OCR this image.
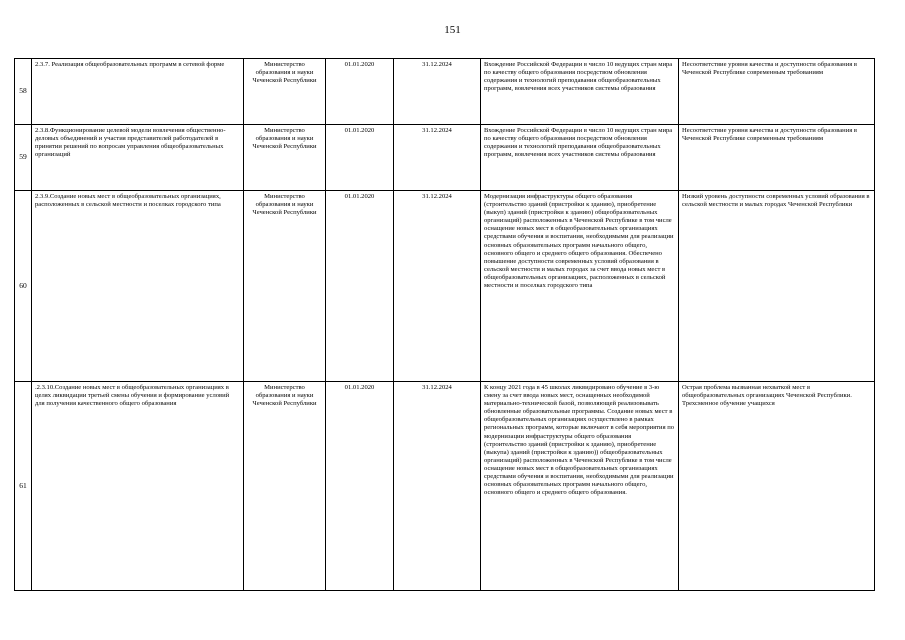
151
58	2.3.7. Реализация общеобразовательных программ в сетевой форме	Министерство образования и науки Чеченской Республики	01.01.2020	31.12.2024	Вхождение Российской Федерации в число 10 ведущих стран мира по качеству общего образования посредством обновления содержания и технологий преподавания общеобразовательных программ, вовлечения всех участников системы образования	Несоответствие уровня качества и доступности образования в Чеченской Республике современным требованиям
59	2.3.8.Функционирование целевой модели вовлечения общественно-деловых объединений и участия представителей работодателей в принятии решений по вопросам управления общеобразовательных организаций	Министерство образования и науки Чеченской Республики	01.01.2020	31.12.2024	Вхождение Российской Федерации в число 10 ведущих стран мира по качеству общего образования посредством обновления содержания и технологий преподавания общеобразовательных программ, вовлечения всех участников системы образования	Несоответствие уровня качества и доступности образования в Чеченской Республике современным требованиям
60	2.3.9.Создание новых мест в общеобразовательных организациях, расположенных в сельской местности и поселках городского типа	Министерство образования и науки Чеченской Республики	01.01.2020	31.12.2024	Модернизация инфраструктуры общего образования (строительство зданий (пристройки к зданию), приобретение (выкуп) зданий (пристройки к зданию) общеобразовательных организаций) расположенных в Чеченской Республике в том числе оснащение новых мест в общеобразовательных организациях средствами обучения и воспитания, необходимыми для реализации основных образовательных программ начального общего, основного общего и среднего общего образования. Обеспечено повышение доступности современных условий образования в сельской местности и малых городах за счет ввода новых мест в общеобразовательных организациях, расположенных в сельской местности и поселках городского типа	Низкий уровень доступности современных условий образования в сельской местности и малых городах Чеченской Республики
61	.2.3.10.Создание новых мест в общеобразовательных организациях в целях ликвидации третьей смены обучения и формирование условий для получения качественного общего образования	Министерство образования и науки Чеченской Республики	01.01.2020	31.12.2024	К концу 2021 года в 45 школах ликвидировано обучение в 3-ю смену за счет ввода новых мест, оснащенных необходимой материально-технической базой, позволяющей реализовывать обновленные образовательные программы. Создание новых мест в общеобразовательных организациях осуществлено в рамках региональных программ, которые включают в себя мероприятия по модернизации инфраструктуры общего образования (строительство зданий (пристройки к зданию), приобретение (выкупа) зданий (пристройки к зданию)) общеобразовательных организаций) расположенных в Чеченской Республике в том числе оснащение новых мест в общеобразовательных организациях средствами обучения и воспитания, необходимыми для реализации основных образовательных программ начального общего, основного общего и среднего общего образования.	Острая проблема вызванная нехваткой мест в общеобразовательных организациях Чеченской Республики. Трехсменное обучение учащихся
